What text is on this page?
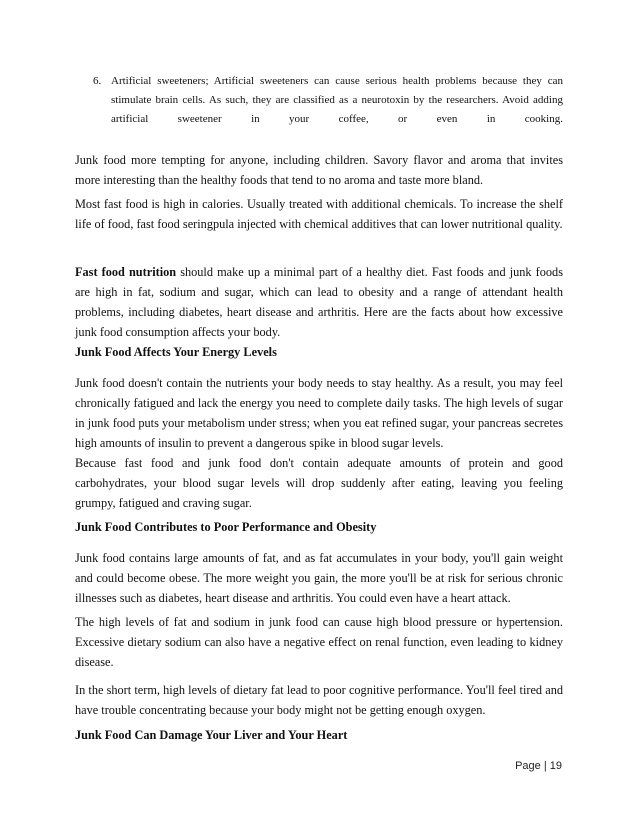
6. Artificial sweeteners; Artificial sweeteners can cause serious health problems because they can
stimulate brain cells. As such, they are classified as a neurotoxin by the researchers. Avoid adding
artificial sweetener in your coffee, or even in cooking.

Junk food more tempting for anyone, including children. Savory flavor and aroma that invites more interesting than the healthy foods that tend to no aroma and taste more bland.

Most fast food is high in calories. Usually treated with additional chemicals. To increase the shelf life of food, fast food seringpula injected with chemical additives that can lower nutritional quality.

Fast food nutrition should make up a minimal part of a healthy diet. Fast foods and junk foods are high in fat, sodium and sugar, which can lead to obesity and a range of attendant health problems, including diabetes, heart disease and arthritis. Here are the facts about how excessive junk food consumption affects your body.

Junk Food Affects Your Energy Levels

Junk food doesn't contain the nutrients your body needs to stay healthy. As a result, you may feel chronically fatigued and lack the energy you need to complete daily tasks. The high levels of sugar in junk food puts your metabolism under stress; when you eat refined sugar, your pancreas secretes high amounts of insulin to prevent a dangerous spike in blood sugar levels.

Because fast food and junk food don't contain adequate amounts of protein and good carbohydrates, your blood sugar levels will drop suddenly after eating, leaving you feeling grumpy, fatigued and craving sugar.

Junk Food Contributes to Poor Performance and Obesity

Junk food contains large amounts of fat, and as fat accumulates in your body, you'll gain weight and could become obese. The more weight you gain, the more you'll be at risk for serious chronic illnesses such as diabetes, heart disease and arthritis. You could even have a heart attack.

The high levels of fat and sodium in junk food can cause high blood pressure or hypertension. Excessive dietary sodium can also have a negative effect on renal function, even leading to kidney disease.

In the short term, high levels of dietary fat lead to poor cognitive performance. You'll feel tired and have trouble concentrating because your body might not be getting enough oxygen.

Junk Food Can Damage Your Liver and Your Heart

Page | 19
